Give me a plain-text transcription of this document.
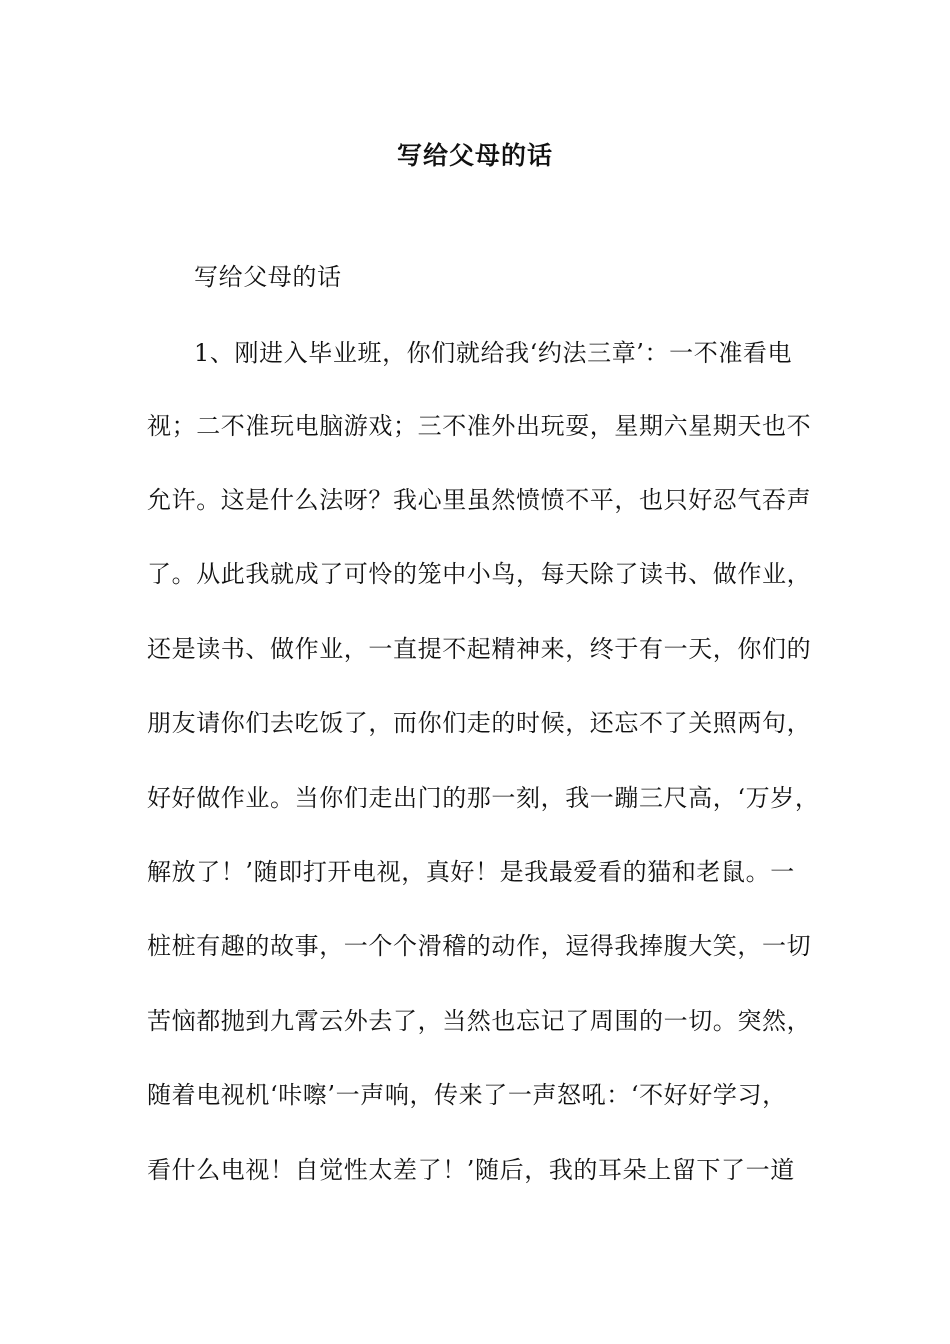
写给父母的话
写给父母的话
1、刚进入毕业班，你们就给我‘约法三章’：一不准看电
视；二不准玩电脑游戏；三不准外出玩耍，星期六星期天也不
允许。这是什么法呀？我心里虽然愤愤不平，也只好忍气吞声
了。从此我就成了可怜的笼中小鸟，每天除了读书、做作业，
还是读书、做作业，一直提不起精神来，终于有一天，你们的
朋友请你们去吃饭了，而你们走的时候，还忘不了关照两句，
好好做作业。当你们走出门的那一刻，我一蹦三尺高，‘万岁，
解放了！’随即打开电视，真好！是我最爱看的猫和老鼠。一
桩桩有趣的故事，一个个滑稽的动作，逗得我捧腹大笑，一切
苦恼都抛到九霄云外去了，当然也忘记了周围的一切。突然，
随着电视机‘咔嚓’一声响，传来了一声怒吼：‘不好好学习，
看什么电视！自觉性太差了！’随后，我的耳朵上留下了一道
